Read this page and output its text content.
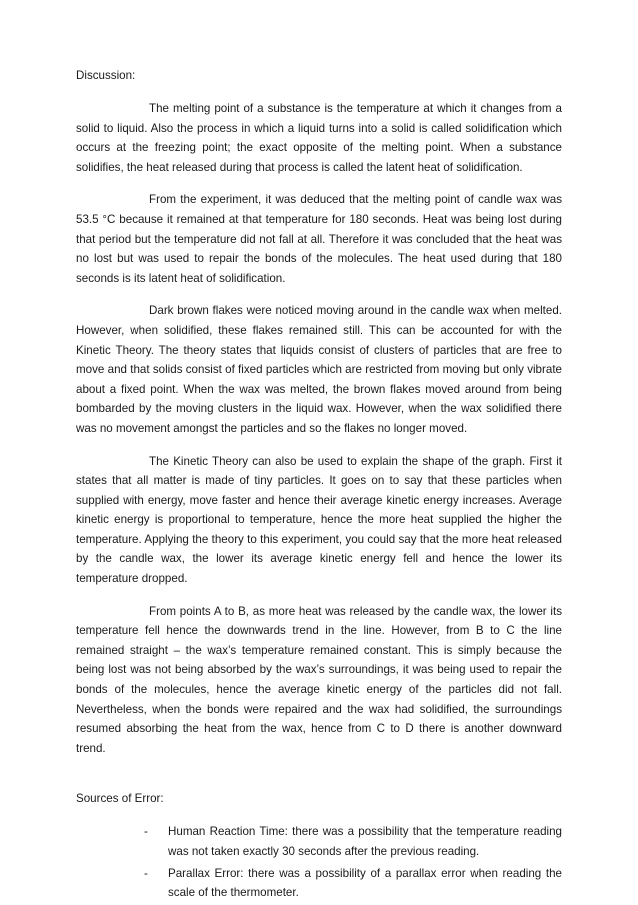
Discussion:

The melting point of a substance is the temperature at which it changes from a solid to liquid. Also the process in which a liquid turns into a solid is called solidification which occurs at the freezing point; the exact opposite of the melting point. When a substance solidifies, the heat released during that process is called the latent heat of solidification.

From the experiment, it was deduced that the melting point of candle wax was 53.5 °C because it remained at that temperature for 180 seconds. Heat was being lost during that period but the temperature did not fall at all. Therefore it was concluded that the heat was no lost but was used to repair the bonds of the molecules. The heat used during that 180 seconds is its latent heat of solidification.

Dark brown flakes were noticed moving around in the candle wax when melted. However, when solidified, these flakes remained still. This can be accounted for with the Kinetic Theory. The theory states that liquids consist of clusters of particles that are free to move and that solids consist of fixed particles which are restricted from moving but only vibrate about a fixed point. When the wax was melted, the brown flakes moved around from being bombarded by the moving clusters in the liquid wax. However, when the wax solidified there was no movement amongst the particles and so the flakes no longer moved.

The Kinetic Theory can also be used to explain the shape of the graph. First it states that all matter is made of tiny particles. It goes on to say that these particles when supplied with energy, move faster and hence their average kinetic energy increases. Average kinetic energy is proportional to temperature, hence the more heat supplied the higher the temperature. Applying the theory to this experiment, you could say that the more heat released by the candle wax, the lower its average kinetic energy fell and hence the lower its temperature dropped.

From points A to B, as more heat was released by the candle wax, the lower its temperature fell hence the downwards trend in the line. However, from B to C the line remained straight – the wax’s temperature remained constant. This is simply because the being lost was not being absorbed by the wax’s surroundings, it was being used to repair the bonds of the molecules, hence the average kinetic energy of the particles did not fall. Nevertheless, when the bonds were repaired and the wax had solidified, the surroundings resumed absorbing the heat from the wax, hence from C to D there is another downward trend.

Sources of Error:

- Human Reaction Time: there was a possibility that the temperature reading was not taken exactly 30 seconds after the previous reading.
- Parallax Error: there was a possibility of a parallax error when reading the scale of the thermometer.
